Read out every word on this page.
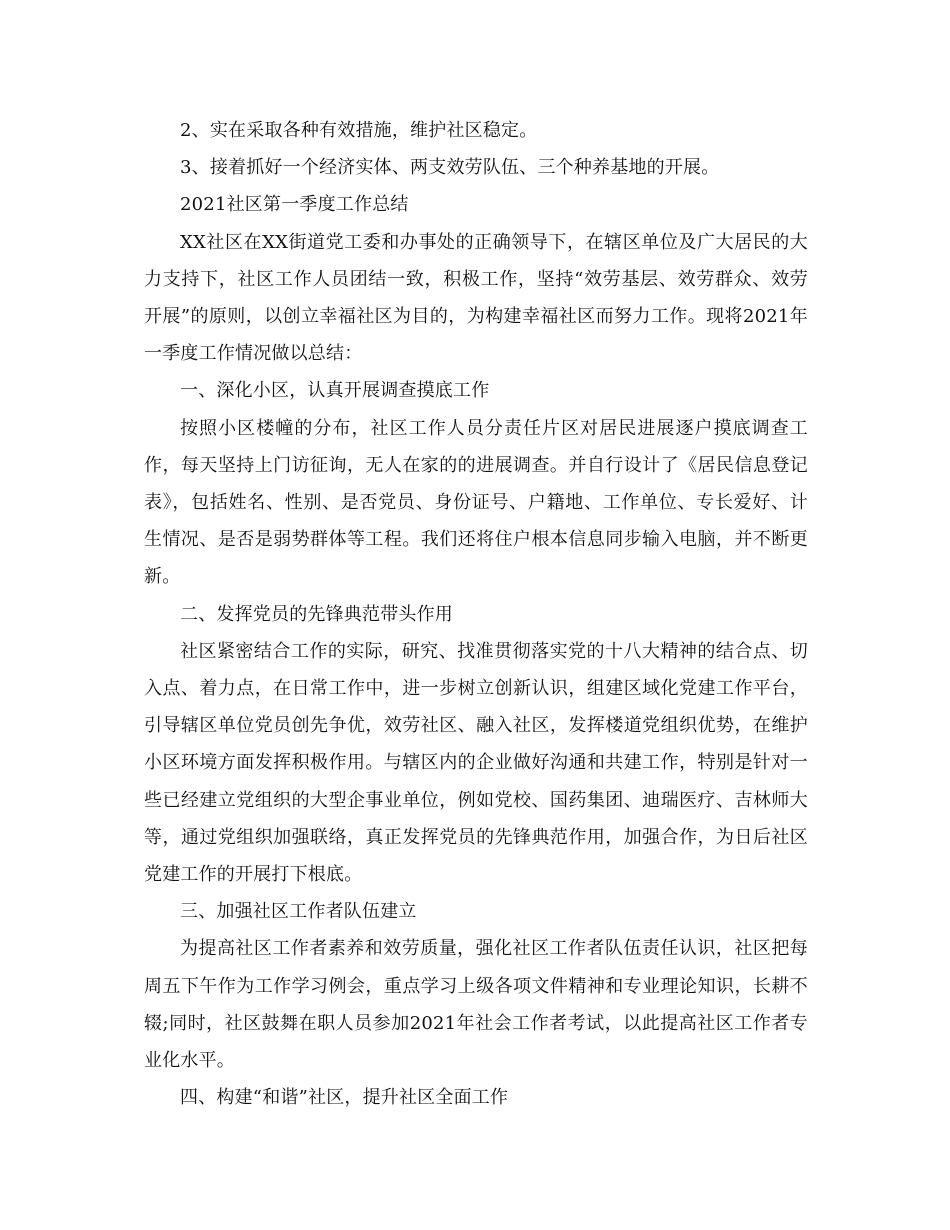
2、实在采取各种有效措施，维护社区稳定。

3、接着抓好一个经济实体、两支效劳队伍、三个种养基地的开展。

2021社区第一季度工作总结

XX社区在XX街道党工委和办事处的正确领导下，在辖区单位及广大居民的大力支持下，社区工作人员团结一致，积极工作，坚持“效劳基层、效劳群众、效劳开展”的原则，以创立幸福社区为目的，为构建幸福社区而努力工作。现将2021年一季度工作情况做以总结：

一、深化小区，认真开展调查摸底工作

按照小区楼幢的分布，社区工作人员分责任片区对居民进展逐户摸底调查工作，每天坚持上门访征询，无人在家的的进展调查。并自行设计了《居民信息登记表》，包括姓名、性别、是否党员、身份证号、户籍地、工作单位、专长爱好、计生情况、是否是弱势群体等工程。我们还将住户根本信息同步输入电脑，并不断更新。

二、发挥党员的先锋典范带头作用

社区紧密结合工作的实际，研究、找准贯彻落实党的十八大精神的结合点、切入点、着力点，在日常工作中，进一步树立创新认识，组建区域化党建工作平台，引导辖区单位党员创先争优，效劳社区、融入社区，发挥楼道党组织优势，在维护小区环境方面发挥积极作用。与辖区内的企业做好沟通和共建工作，特别是针对一些已经建立党组织的大型企事业单位，例如党校、国药集团、迪瑞医疗、吉林师大等，通过党组织加强联络，真正发挥党员的先锋典范作用，加强合作，为日后社区党建工作的开展打下根底。

三、加强社区工作者队伍建立

为提高社区工作者素养和效劳质量，强化社区工作者队伍责任认识，社区把每周五下午作为工作学习例会，重点学习上级各项文件精神和专业理论知识，长耕不辍;同时，社区鼓舞在职人员参加2021年社会工作者考试，以此提高社区工作者专业化水平。

四、构建“和谐”社区，提升社区全面工作
